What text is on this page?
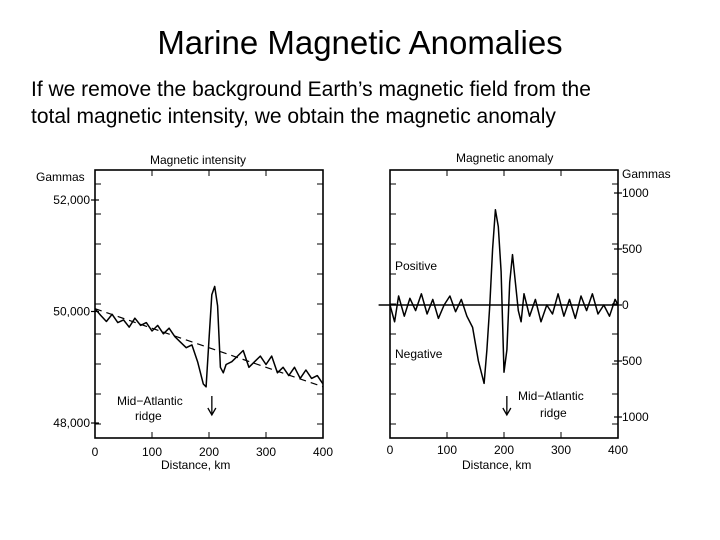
Marine Magnetic Anomalies
If we remove the background Earth’s magnetic field from the
total magnetic intensity, we obtain the magnetic anomaly
Magnetic intensity
Gammas
Distance, km
Mid−Atlantic
ridge
52,000
50,000
48,000
0	100	200	300	400
Magnetic anomaly
Gammas
Distance, km
Positive
Negative
Mid−Atlantic
ridge
1000
500
0
500
1000
0	100	200	300	400
